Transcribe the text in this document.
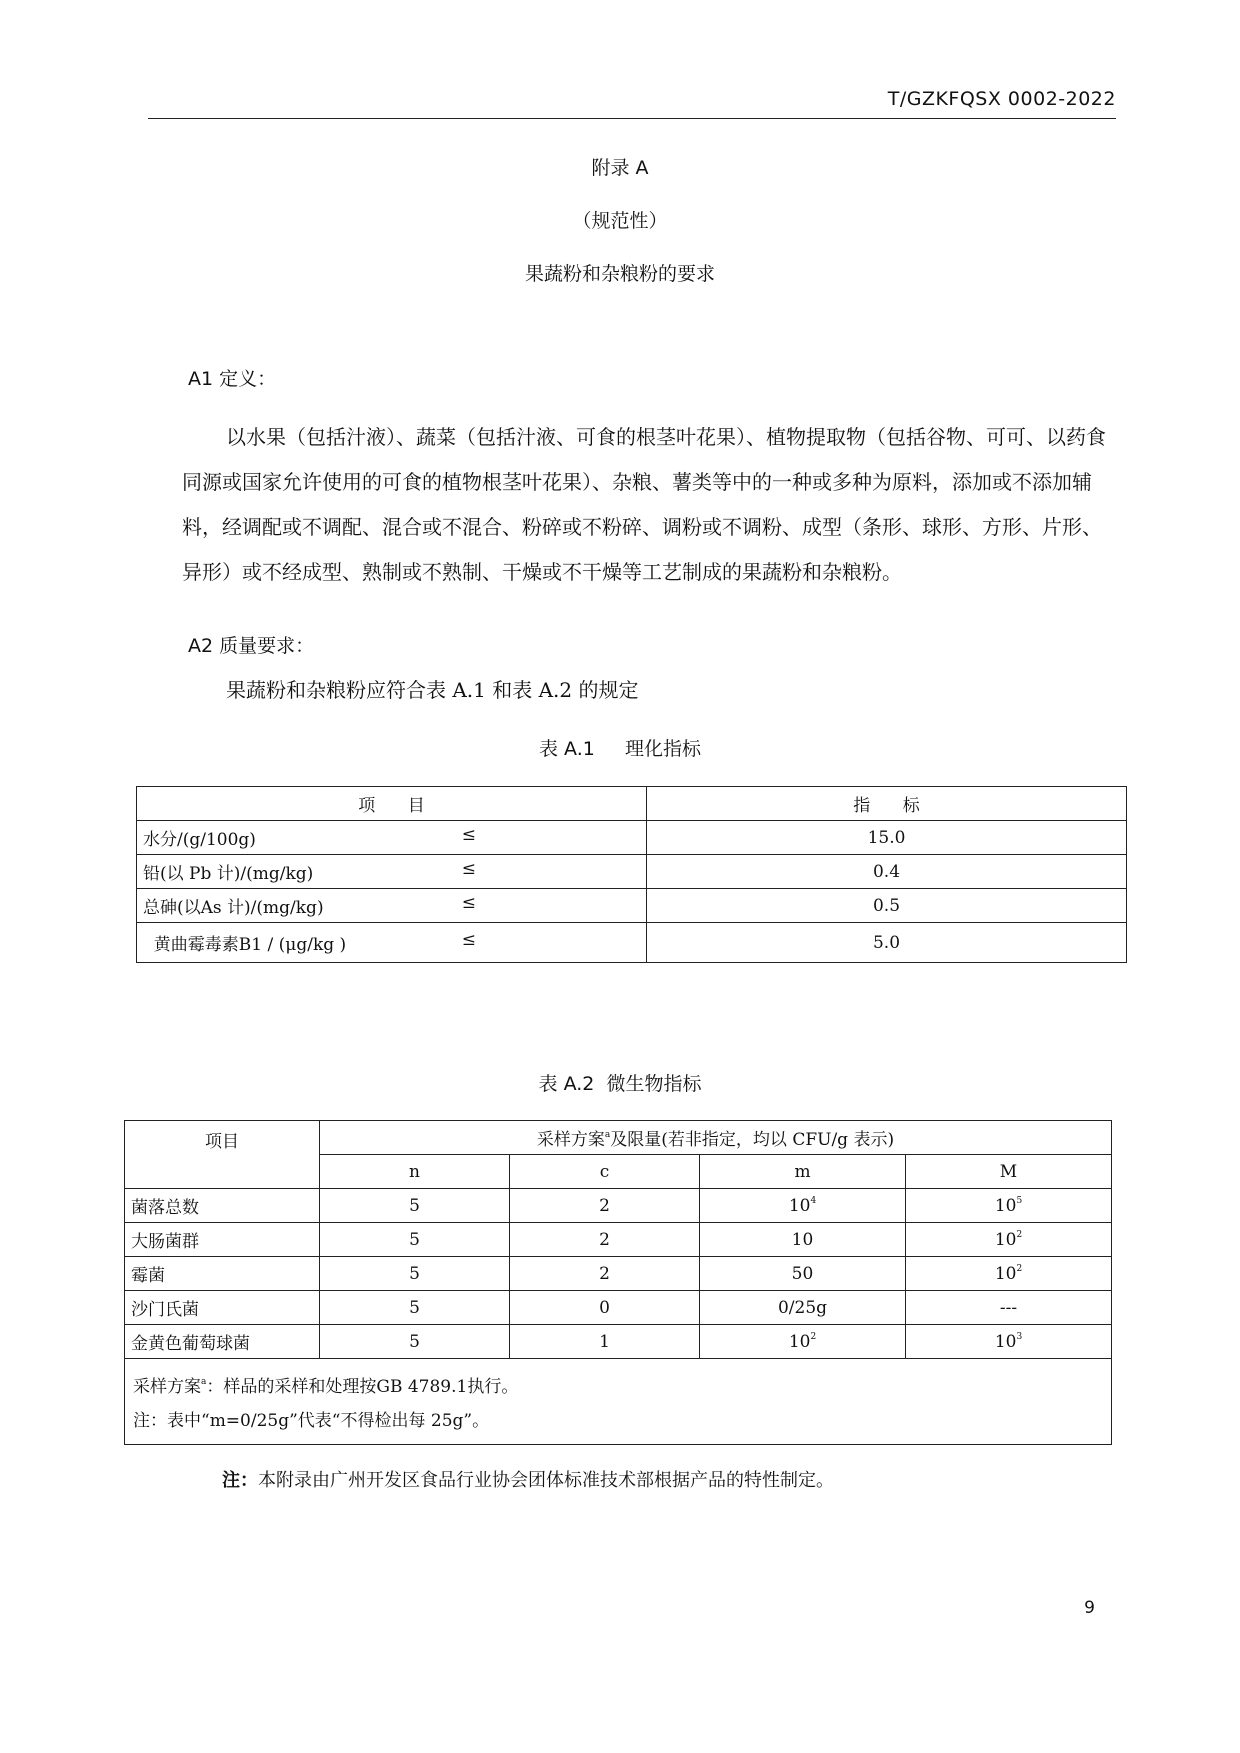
T/GZKFQSX 0002-2022
附录 A
（规范性）
果蔬粉和杂粮粉的要求
A1 定义：
以水果（包括汁液）、蔬菜（包括汁液、可食的根茎叶花果）、植物提取物（包括谷物、可可、以药食同源或国家允许使用的可食的植物根茎叶花果）、杂粮、薯类等中的一种或多种为原料，添加或不添加辅料，经调配或不调配、混合或不混合、粉碎或不粉碎、调粉或不调粉、成型（条形、球形、方形、片形、异形）或不经成型、熟制或不熟制、干燥或不干燥等工艺制成的果蔬粉和杂粮粉。
A2 质量要求：
果蔬粉和杂粮粉应符合表 A.1 和表 A.2 的规定
表 A.1     理化指标
项      目	指      标
水分/(g/100g) ≤	15.0
铅(以 Pb 计)/(mg/kg) ≤	0.4
总砷(以As 计)/(mg/kg) ≤	0.5
黄曲霉毒素B1 / (μg/kg ) ≤	5.0
表 A.2  微生物指标
项目	采样方案$^a$及限量(若非指定，均以 CFU/g 表示)			
	n	c	m	M
菌落总数	5	2	$10^4$	$10^5$
大肠菌群	5	2	10	$10^2$
霉菌	5	2	50	$10^2$
沙门氏菌	5	0	0/25g	---
金黄色葡萄球菌	5	1	$10^2$	$10^3$

采样方案$^a$：样品的采样和处理按GB 4789.1执行。
注：表中“m=0/25g”代表“不得检出每 25g”。				
注：本附录由广州开发区食品行业协会团体标准技术部根据产品的特性制定。
9
